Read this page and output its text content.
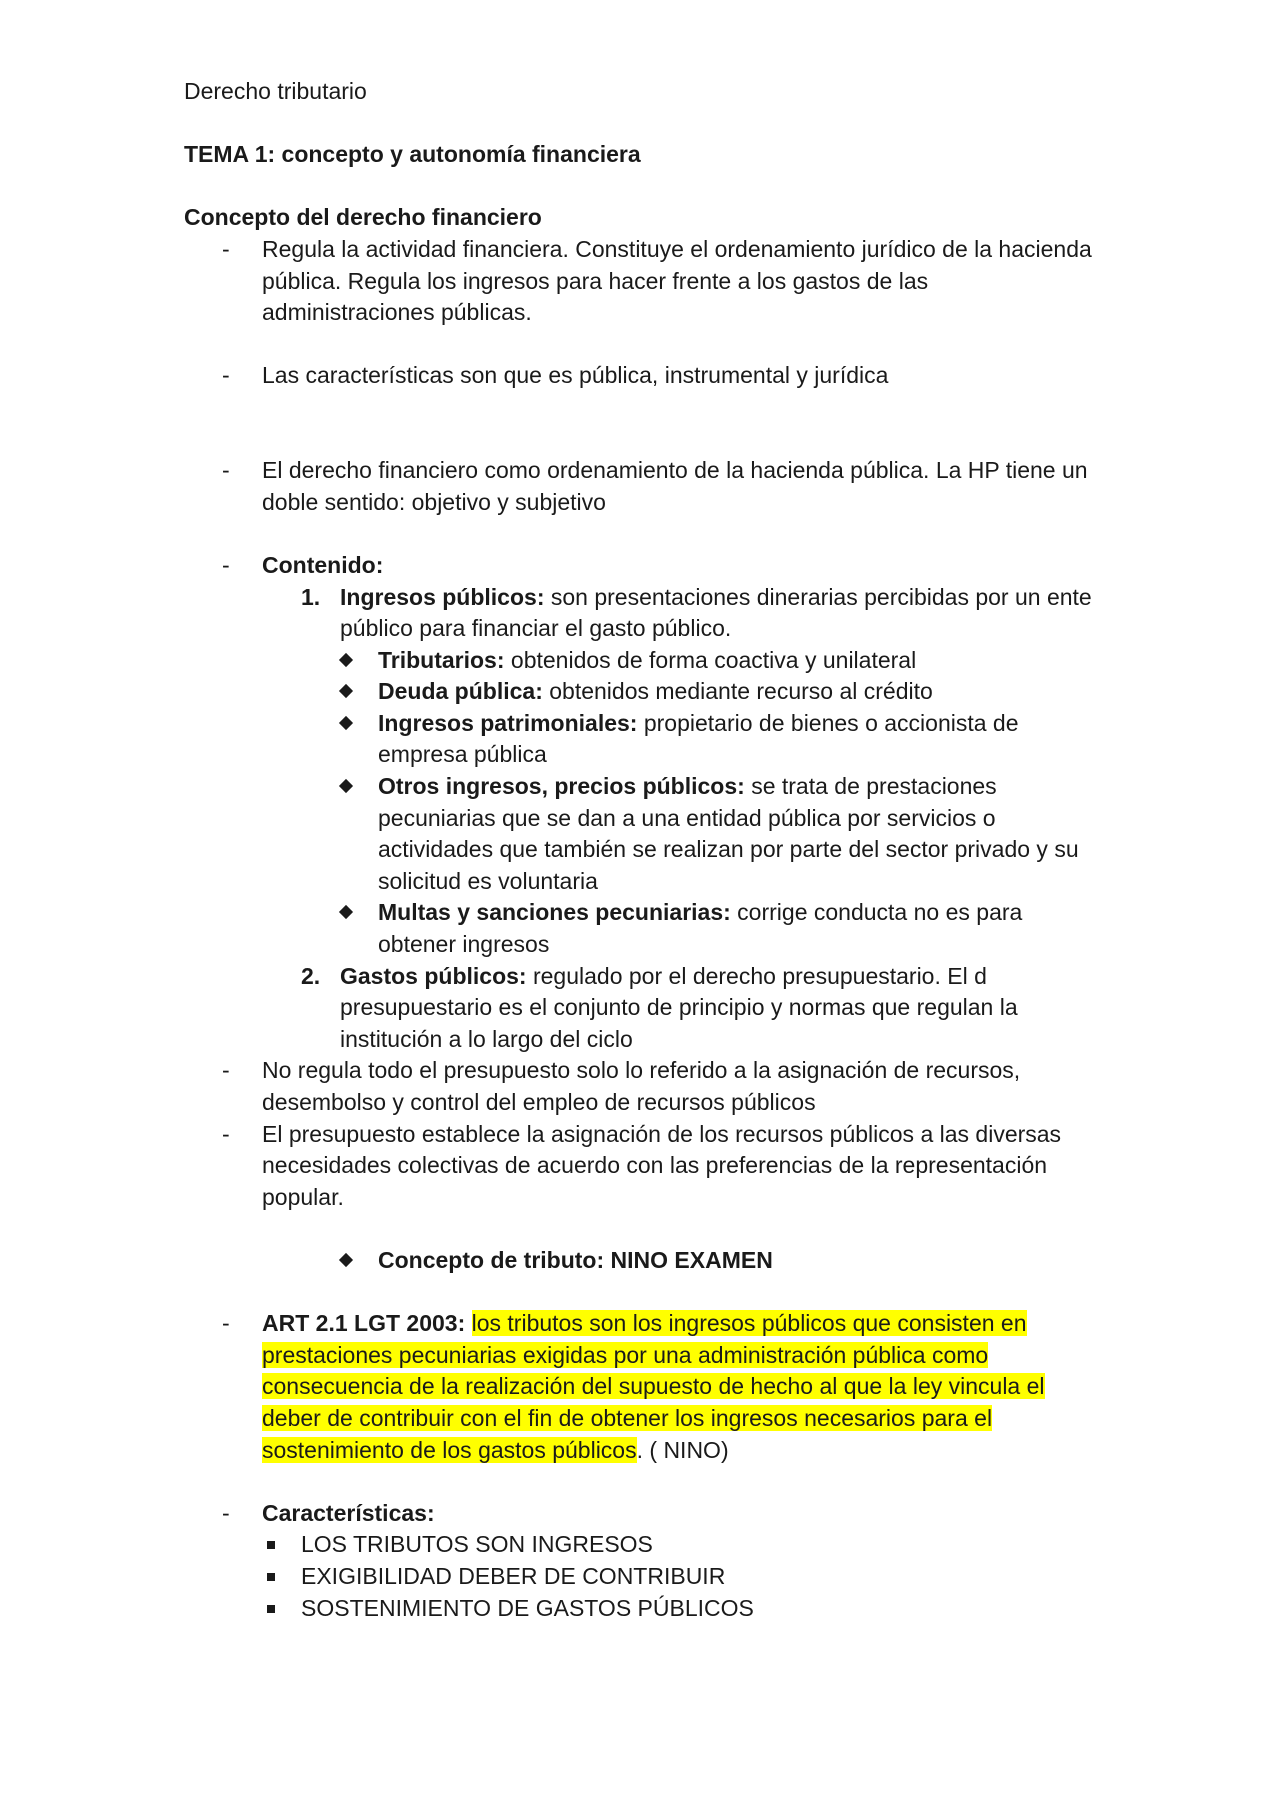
Derecho tributario

TEMA 1: concepto y autonomía financiera

Concepto del derecho financiero

- Regula la actividad financiera. Constituye el ordenamiento jurídico de la hacienda pública. Regula los ingresos para hacer frente a los gastos de las administraciones públicas.
- Las características son que es pública, instrumental y jurídica
- El derecho financiero como ordenamiento de la hacienda pública. La HP tiene un doble sentido: objetivo y subjetivo
- Contenido:
1. Ingresos públicos: son presentaciones dinerarias percibidas por un ente público para financiar el gasto público.
Tributarios: obtenidos de forma coactiva y unilateral
Deuda pública: obtenidos mediante recurso al crédito
Ingresos patrimoniales: propietario de bienes o accionista de empresa pública
Otros ingresos, precios públicos: se trata de prestaciones pecuniarias que se dan a una entidad pública por servicios o actividades que también se realizan por parte del sector privado y su solicitud es voluntaria
Multas y sanciones pecuniarias: corrige conducta no es para obtener ingresos
2. Gastos públicos: regulado por el derecho presupuestario. El d presupuestario es el conjunto de principio y normas que regulan la institución a lo largo del ciclo
- No regula todo el presupuesto solo lo referido a la asignación de recursos, desembolso y control del empleo de recursos públicos
- El presupuesto establece la asignación de los recursos públicos a las diversas necesidades colectivas de acuerdo con las preferencias de la representación popular.
Concepto de tributo: NINO EXAMEN
- ART 2.1 LGT 2003: los tributos son los ingresos públicos que consisten en prestaciones pecuniarias exigidas por una administración pública como consecuencia de la realización del supuesto de hecho al que la ley vincula el deber de contribuir con el fin de obtener los ingresos necesarios para el sostenimiento de los gastos públicos. ( NINO)
- Características:
LOS TRIBUTOS SON INGRESOS
EXIGIBILIDAD DEBER DE CONTRIBUIR
SOSTENIMIENTO DE GASTOS PÚBLICOS
